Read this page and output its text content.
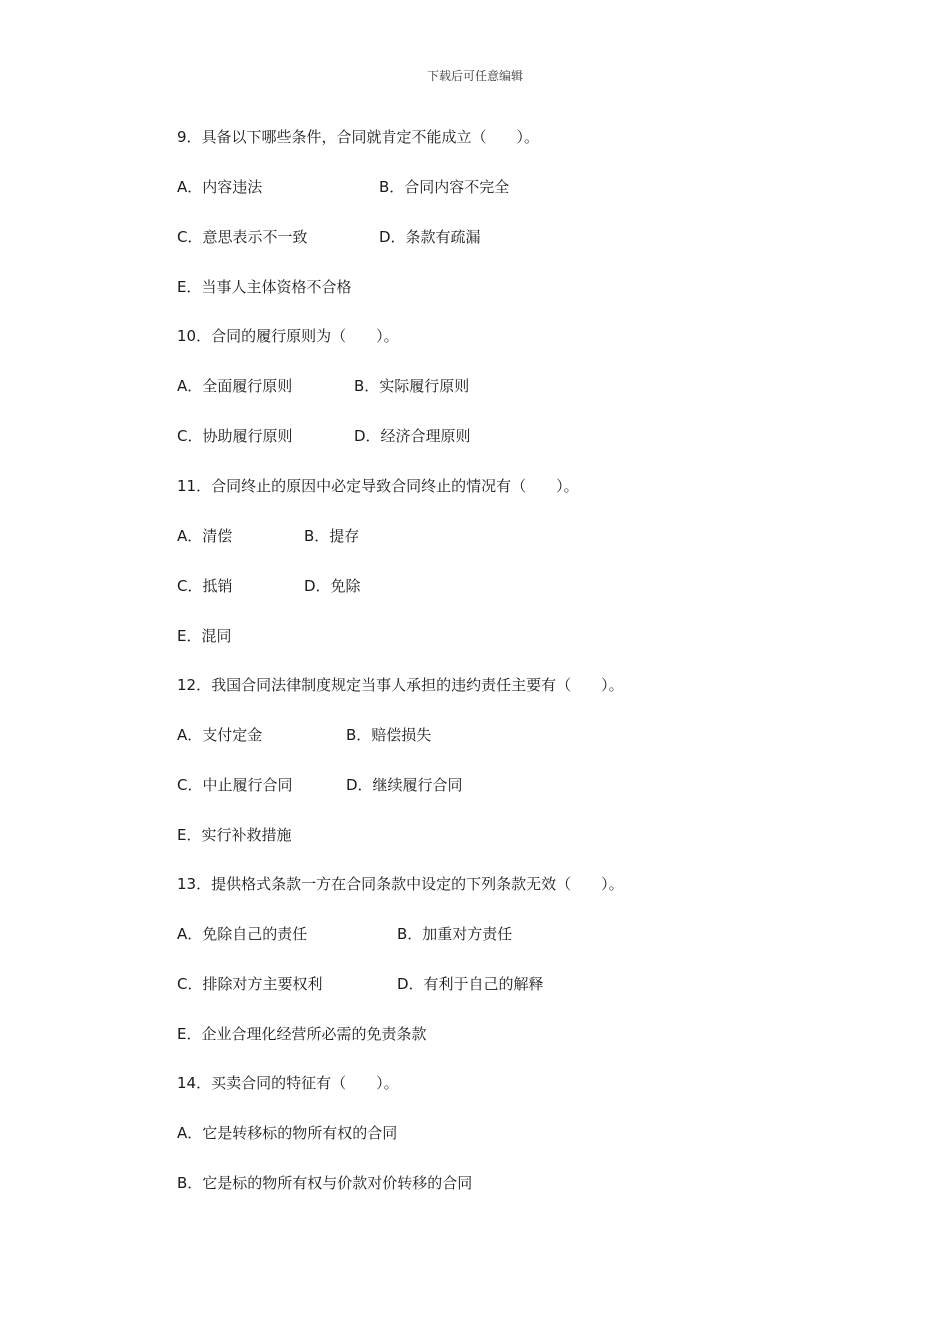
下载后可任意编辑
9．具备以下哪些条件，合同就肯定不能成立（　　）。
A．内容违法	B．合同内容不完全
C．意思表示不一致	D．条款有疏漏
E．当事人主体资格不合格
10．合同的履行原则为（　　）。
A．全面履行原则	B．实际履行原则
C．协助履行原则	D．经济合理原则
11．合同终止的原因中必定导致合同终止的情况有（　　）。
A．清偿	B．提存
C．抵销	D．免除
E．混同
12．我国合同法律制度规定当事人承担的违约责任主要有（　　）。
A．支付定金	B．赔偿损失
C．中止履行合同	D．继续履行合同
E．实行补救措施
13．提供格式条款一方在合同条款中设定的下列条款无效（　　）。
A．免除自己的责任	B．加重对方责任
C．排除对方主要权利	D．有利于自己的解释
E．企业合理化经营所必需的免责条款
14．买卖合同的特征有（　　）。
A．它是转移标的物所有权的合同
B．它是标的物所有权与价款对价转移的合同
